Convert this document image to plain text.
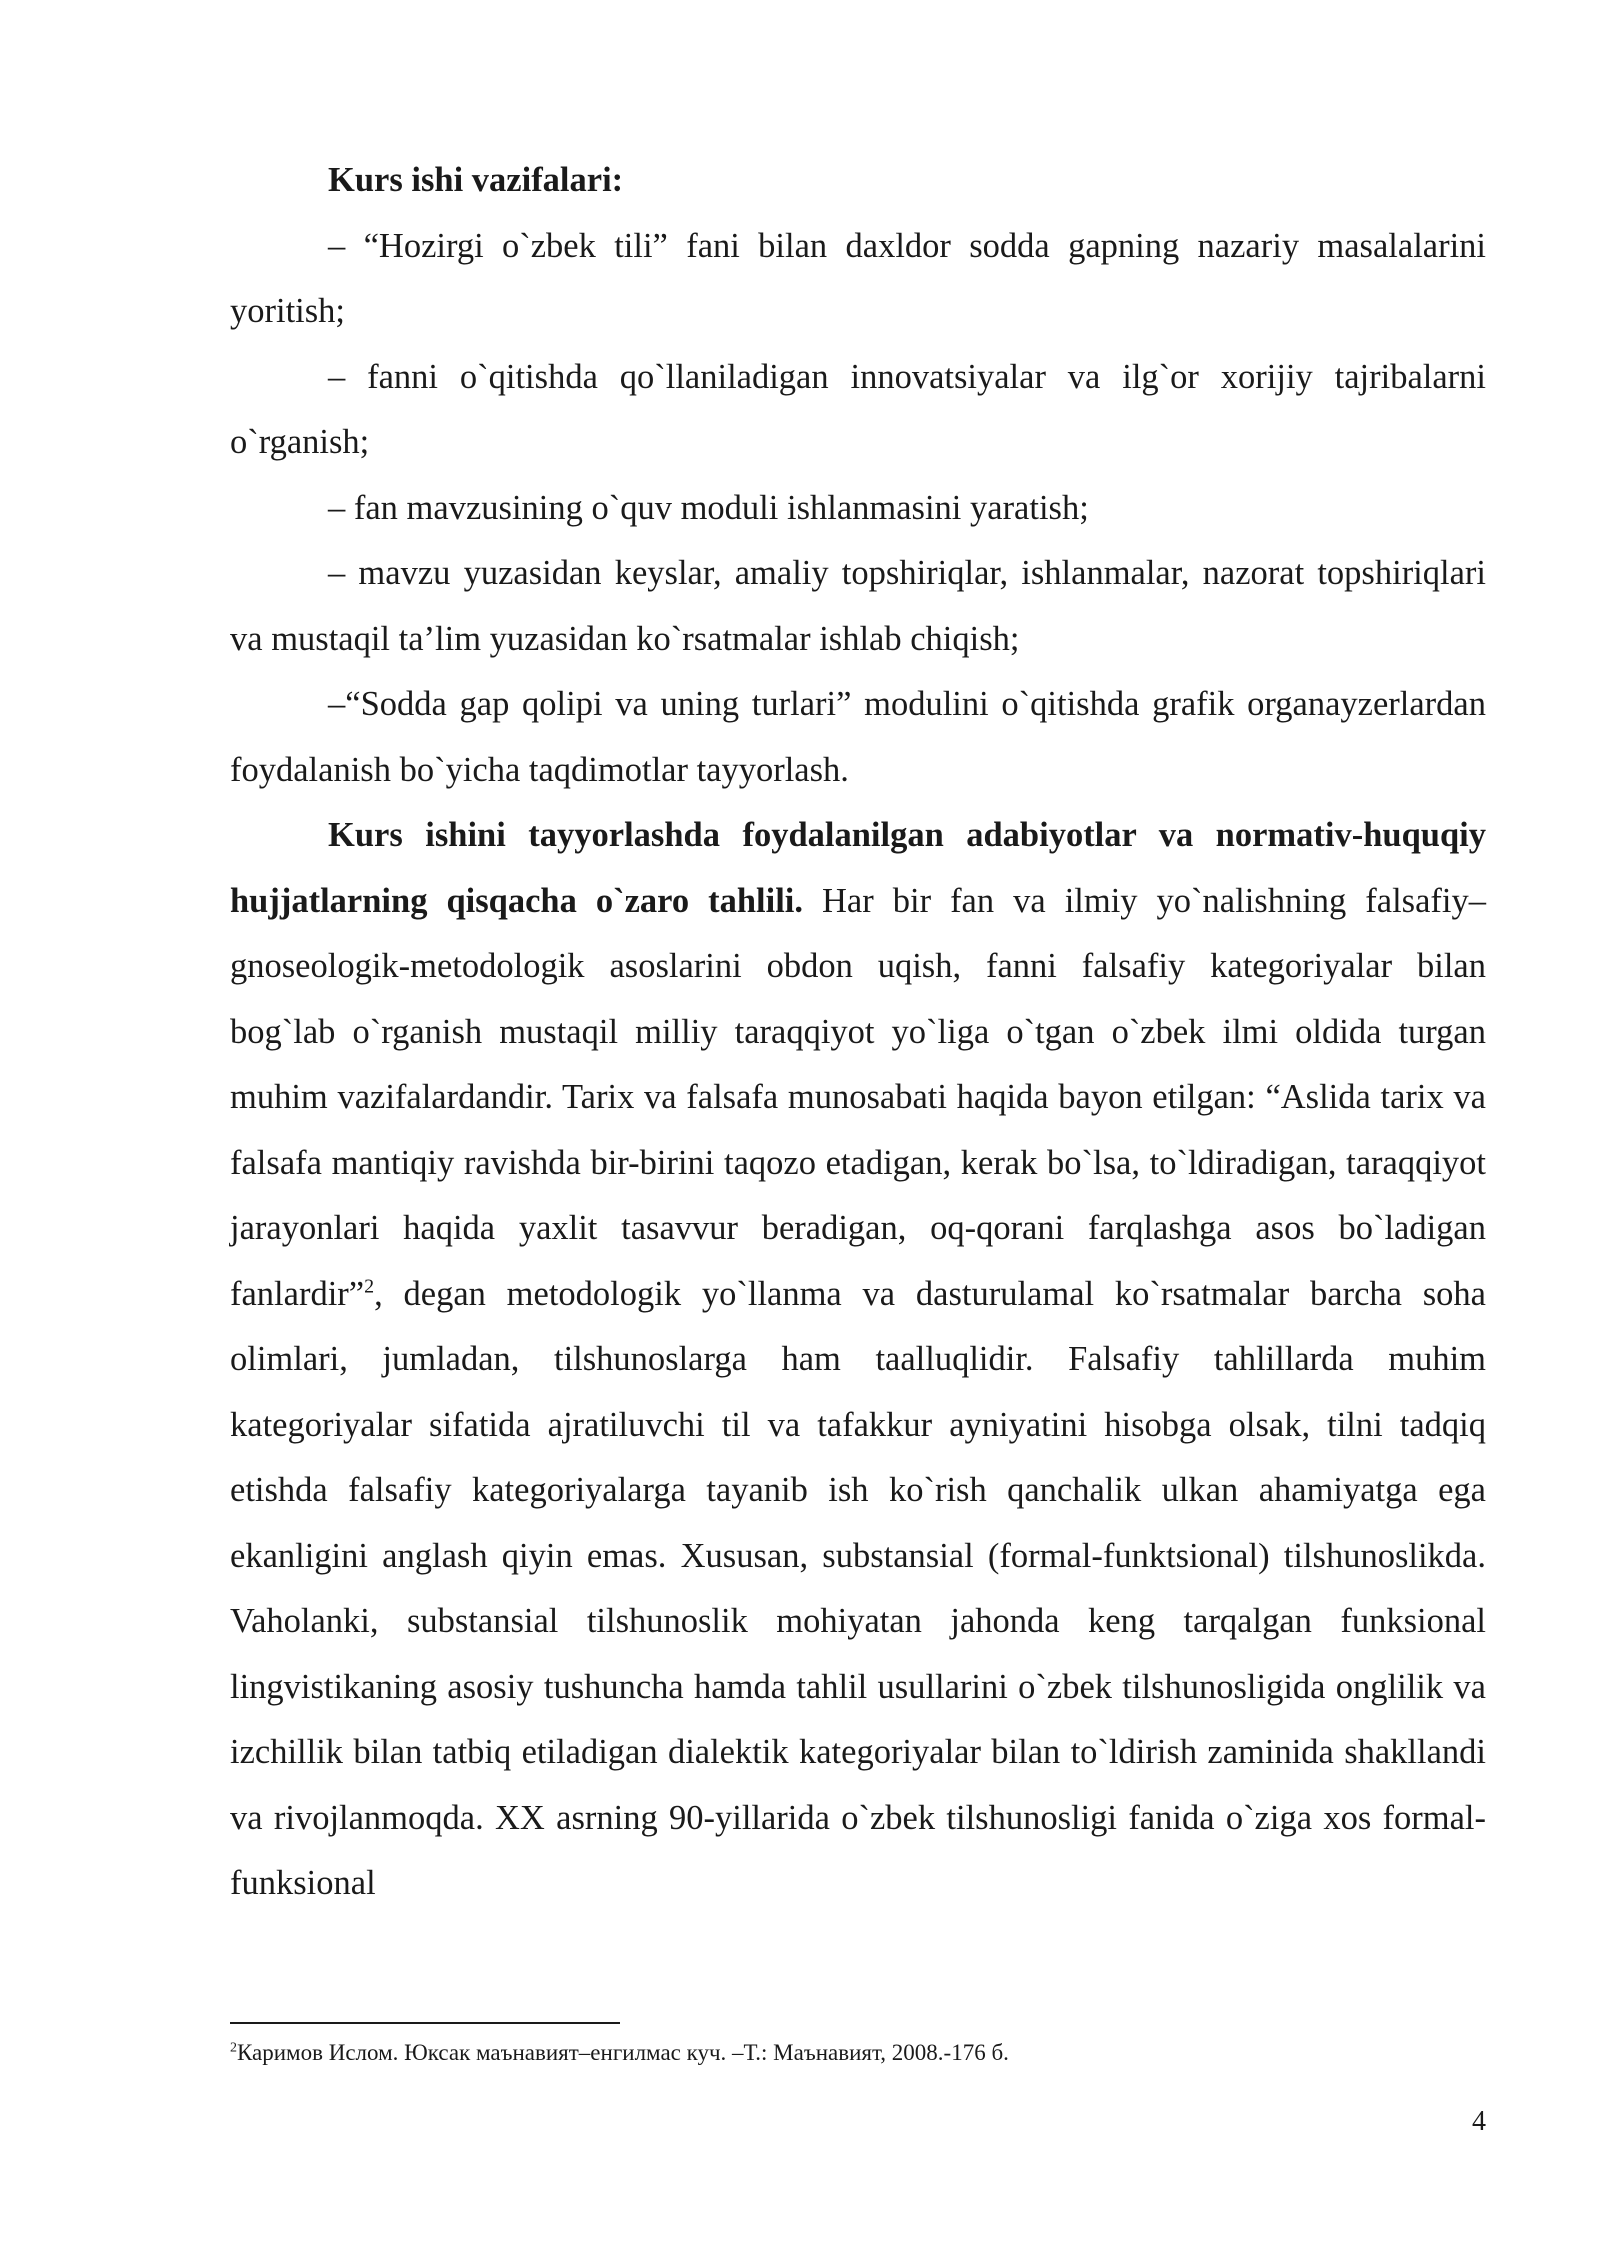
Kurs ishi vazifalari:

– “Hozirgi o`zbek tili” fani bilan daxldor sodda gapning nazariy masalalarini yoritish;

– fanni o`qitishda qo`llaniladigan innovatsiyalar va ilg`or xorijiy tajribalarni o`rganish;

– fan mavzusining o`quv moduli ishlanmasini yaratish;

– mavzu yuzasidan keyslar, amaliy topshiriqlar, ishlanmalar, nazorat topshiriqlari va mustaqil ta’lim yuzasidan ko`rsatmalar ishlab chiqish;

–“Sodda gap qolipi va uning turlari” modulini o`qitishda grafik organayzerlardan foydalanish bo`yicha taqdimotlar tayyorlash.

Kurs ishini tayyorlashda foydalanilgan adabiyotlar va normativ-huquqiy hujjatlarning qisqacha o`zaro tahlili. Har bir fan va ilmiy yo`nalishning falsafiy–gnoseologik-metodologik asoslarini obdon uqish, fanni falsafiy kategoriyalar bilan bog`lab o`rganish mustaqil milliy taraqqiyot yo`liga o`tgan o`zbek ilmi oldida turgan muhim vazifalardandir. Tarix va falsafa munosabati haqida bayon etilgan: “Aslida tarix va falsafa mantiqiy ravishda bir-birini taqozo etadigan, kerak bo`lsa, to`ldiradigan, taraqqiyot jarayonlari haqida yaxlit tasavvur beradigan, oq-qorani farqlashga asos bo`ladigan fanlardir”$^2$, degan metodologik yo`llanma va dasturulamal ko`rsatmalar barcha soha olimlari, jumladan, tilshunoslarga ham taalluqlidir. Falsafiy tahlillarda muhim kategoriyalar sifatida ajratiluvchi til va tafakkur ayniyatini hisobga olsak, tilni tadqiq etishda falsafiy kategoriyalarga tayanib ish ko`rish qanchalik ulkan ahamiyatga ega ekanligini anglash qiyin emas. Xususan, substansial (formal-funktsional) tilshunoslikda. Vaholanki, substansial tilshunoslik mohiyatan jahonda keng tarqalgan funksional lingvistikaning asosiy tushuncha hamda tahlil usullarini o`zbek tilshunosligida onglilik va izchillik bilan tatbiq etiladigan dialektik kategoriyalar bilan to`ldirish zaminida shakllandi va rivojlanmoqda. XX asrning 90-yillarida o`zbek tilshunosligi fanida o`ziga xos formal-funksional

$^2$Каримов Ислом. Юксак маънавият–енгилмас куч. –Т.: Маънавият, 2008.-176 б.
4
